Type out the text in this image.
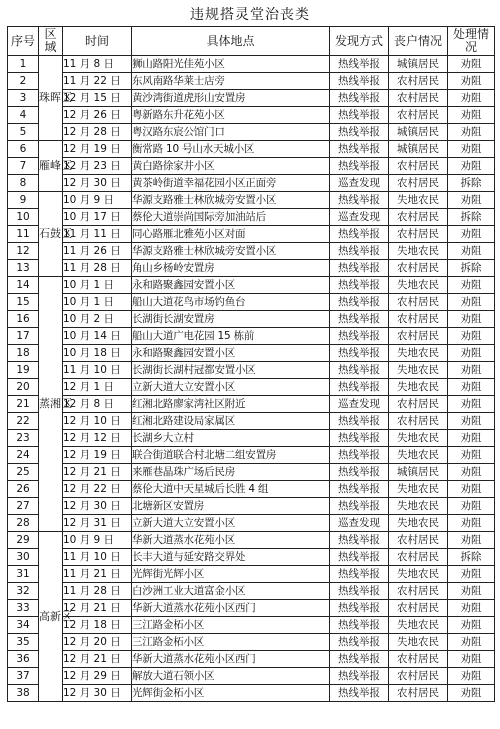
违规搭灵堂治丧类
序号	区域	时间	具体地点	发现方式	丧户情况	处理情况
1	珠晖区	11 月 8 日	狮山路阳光佳苑小区	热线举报	城镇居民	劝阻
2		11 月 22 日	东风南路华莱士店旁	热线举报	农村居民	劝阻
3		12 月 15 日	黄沙湾街道虎形山安置房	热线举报	农村居民	劝阻
4		12 月 26 日	粤新路东升花苑小区	热线举报	农村居民	劝阻
5		12 月 28 日	粤汉路东宸公馆门口	热线举报	城镇居民	劝阻
6	雁峰区	12 月 19 日	衡常路 10 号山水天城小区	热线举报	城镇居民	劝阻
7		12 月 23 日	黄白路徐家井小区	热线举报	农村居民	劝阻
8		12 月 30 日	黄茶岭街道幸福花园小区正面旁	巡查发现	农村居民	拆除
9	石鼓区	10 月 9 日	华源支路雅士林欣城旁安置小区	热线举报	失地农民	劝阻
10		10 月 17 日	蔡伦大道崇尚国际旁加油站后	巡查发现	农村居民	拆除
11		11 月 11 日	同心路雁北雅苑小区对面	热线举报	农村居民	劝阻
12		11 月 26 日	华源支路雅士林欣城旁安置小区	热线举报	失地农民	劝阻
13		11 月 28 日	角山乡杨岭安置房	热线举报	农村居民	拆除
14	蒸湘区	10 月 1 日	永和路聚鑫园安置小区	热线举报	失地农民	劝阻
15		10 月 1 日	船山大道花鸟市场钓鱼台	热线举报	农村居民	劝阻
16		10 月 2 日	长湖街长湖安置房	热线举报	农村居民	劝阻
17		10 月 14 日	船山大道广电花园 15 栋前	热线举报	农村居民	劝阻
18		10 月 18 日	永和路聚鑫园安置小区	热线举报	失地农民	劝阻
19		11 月 10 日	长湖街长湖村冠都安置小区	热线举报	失地农民	劝阻
20		12 月 1 日	立新大道大立安置小区	热线举报	失地农民	劝阻
21		12 月 8 日	红湘北路廖家湾社区附近	巡查发现	农村居民	劝阻
22		12 月 10 日	红湘北路建设局家属区	热线举报	农村居民	劝阻
23		12 月 12 日	长湖乡大立村	热线举报	失地农民	劝阻
24		12 月 19 日	联合街道联合村北塘二组安置房	热线举报	失地农民	劝阻
25		12 月 21 日	来雁巷晶珠广场后民房	热线举报	城镇居民	劝阻
26		12 月 22 日	蔡伦大道中天星城后长胜 4 组	热线举报	失地农民	劝阻
27		12 月 30 日	北塘新区安置房	热线举报	失地农民	劝阻
28		12 月 31 日	立新大道大立安置小区	巡查发现	失地农民	劝阻
29	高新区	10 月 9 日	华新大道蒸水花苑小区	热线举报	农村居民	劝阻
30		11 月 10 日	长丰大道与延安路交界处	热线举报	农村居民	拆除
31		11 月 21 日	光辉街光辉小区	热线举报	失地农民	劝阻
32		11 月 28 日	白沙洲工业大道富金小区	热线举报	农村居民	劝阻
33		12 月 21 日	华新大道蒸水花苑小区西门	热线举报	农村居民	劝阻
34		12 月 18 日	三江路金柘小区	热线举报	失地农民	劝阻
35		12 月 20 日	三江路金柘小区	热线举报	失地农民	劝阻
36		12 月 21 日	华新大道蒸水花苑小区西门	热线举报	农村居民	劝阻
37		12 月 29 日	解放大道石领小区	热线举报	农村居民	劝阻
38		12 月 30 日	光辉街金柘小区	热线举报	农村居民	劝阻
